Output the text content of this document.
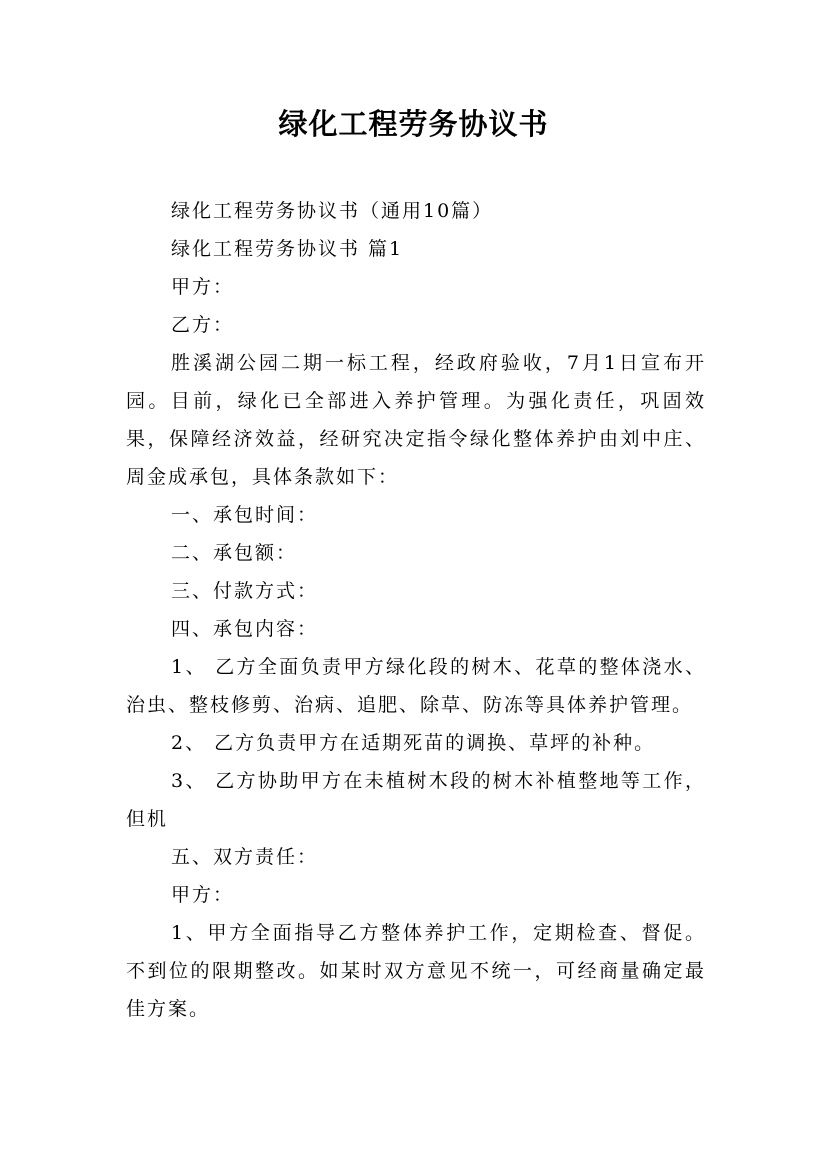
绿化工程劳务协议书

绿化工程劳务协议书（通用10篇）

绿化工程劳务协议书 篇1

甲方：

乙方：

胜溪湖公园二期一标工程，经政府验收，7月1日宣布开园。目前，绿化已全部进入养护管理。为强化责任，巩固效果，保障经济效益，经研究决定指令绿化整体养护由刘中庄、周金成承包，具体条款如下：

一、承包时间：

二、承包额：

三、付款方式：

四、承包内容：

1、 乙方全面负责甲方绿化段的树木、花草的整体浇水、治虫、整枝修剪、治病、追肥、除草、防冻等具体养护管理。

2、 乙方负责甲方在适期死苗的调换、草坪的补种。

3、 乙方协助甲方在未植树木段的树木补植整地等工作，但机

五、双方责任：

甲方：

1、甲方全面指导乙方整体养护工作，定期检查、督促。不到位的限期整改。如某时双方意见不统一，可经商量确定最佳方案。
